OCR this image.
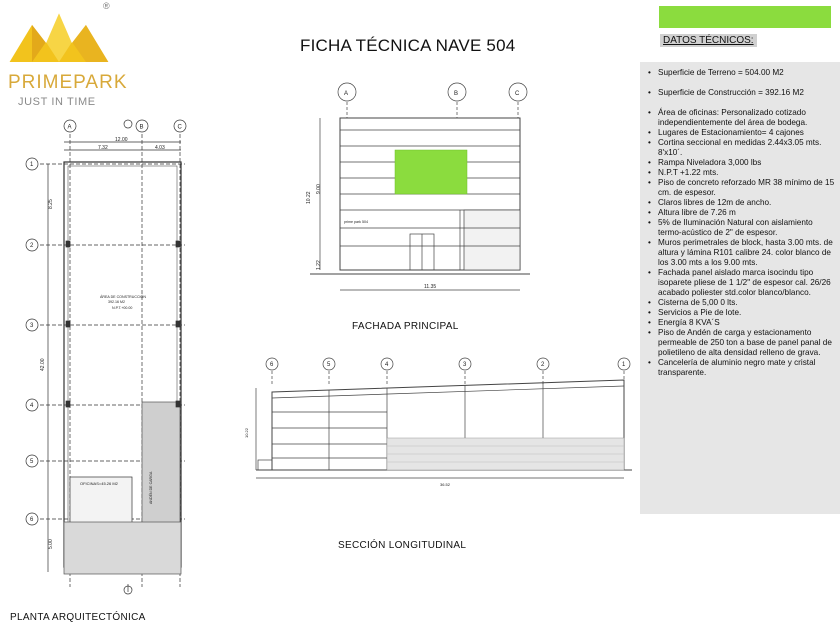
®
PRIMEPARK
JUST IN TIME
FICHA TÉCNICA NAVE 504
A	B	C
1
2
3
4
5
6
12.00
7.32	4.03
8.25
42.00
5.00
ÁREA DE CONSTRUCCIÓN
392.16 M2
N.P.T.+00.00
OFICINAS=45.26 M2	ANDÉN DE CARGA
PLANTA ARQUITECTÓNICA
A	B	C
10.22
9.00
1.22
11.35
prime park 504
FACHADA PRINCIPAL
6	5	4	3	2	1
36.52
10.22
SECCIÓN LONGITUDINAL
DATOS TÉCNICOS:
• Superficie de Terreno = 504.00 M2
• Superficie de Construcción = 392.16 M2
• Área de oficinas: Personalizado cotizado independientemente del área de bodega.
• Lugares de Estacionamiento= 4 cajones
• Cortina seccional en medidas 2.44x3.05 mts. 8'x10´.
• Rampa Niveladora 3,000 lbs
• N.P.T +1.22 mts.
• Piso de concreto reforzado MR 38 mínimo de 15 cm. de espesor.
• Claros libres de 12m de ancho.
• Altura libre de 7.26 m
• 5% de Iluminación Natural con aislamiento termo-acústico de 2" de espesor.
• Muros perimetrales de block, hasta 3.00 mts. de altura y lámina R101 calibre 24. color blanco de los 3.00 mts a los 9.00 mts.
• Fachada panel aislado marca isocindu tipo isoparete pliese de 1 1/2" de espesor cal. 26/26 acabado poliester std.color blanco/blanco.
• Cisterna de 5,00 0 lts.
• Servicios a Pie de lote.
• Energía 8 KVA´S
• Piso de Andén de carga y estacionamento permeable de 250 ton a base de panel panal de polietileno de alta densidad relleno de grava.
• Cancelería de aluminio negro mate y cristal transparente.
